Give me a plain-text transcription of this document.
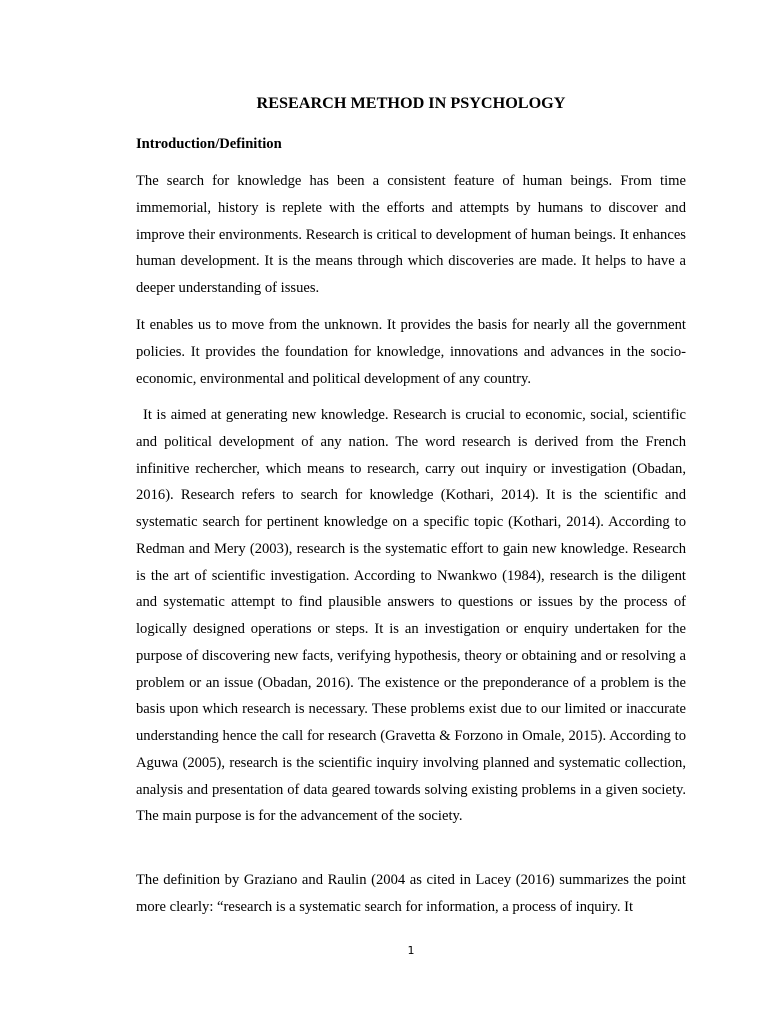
RESEARCH METHOD IN PSYCHOLOGY
Introduction/Definition

The search for knowledge has been a consistent feature of human beings. From time immemorial, history is replete with the efforts and attempts by humans to discover and improve their environments. Research is critical to development of human beings. It enhances human development. It is the means through which discoveries are made. It helps to have a deeper understanding of issues.

It enables us to move from the unknown. It provides the basis for nearly all the government policies. It provides the foundation for knowledge, innovations and advances in the socio-economic, environmental and political development of any country.

It is aimed at generating new knowledge. Research is crucial to economic, social, scientific and political development of any nation. The word research is derived from the French infinitive rechercher, which means to research, carry out inquiry or investigation (Obadan, 2016). Research refers to search for knowledge (Kothari, 2014). It is the scientific and systematic search for pertinent knowledge on a specific topic (Kothari, 2014). According to Redman and Mery (2003), research is the systematic effort to gain new knowledge. Research is the art of scientific investigation. According to Nwankwo (1984), research is the diligent and systematic attempt to find plausible answers to questions or issues by the process of logically designed operations or steps. It is an investigation or enquiry undertaken for the purpose of discovering new facts, verifying hypothesis, theory or obtaining and or resolving a problem or an issue (Obadan, 2016). The existence or the preponderance of a problem is the basis upon which research is necessary. These problems exist due to our limited or inaccurate understanding hence the call for research (Gravetta & Forzono in Omale, 2015). According to Aguwa (2005), research is the scientific inquiry involving planned and systematic collection, analysis and presentation of data geared towards solving existing problems in a given society. The main purpose is for the advancement of the society.

The definition by Graziano and Raulin (2004 as cited in Lacey (2016) summarizes the point more clearly: “research is a systematic search for information, a process of inquiry. It

1
